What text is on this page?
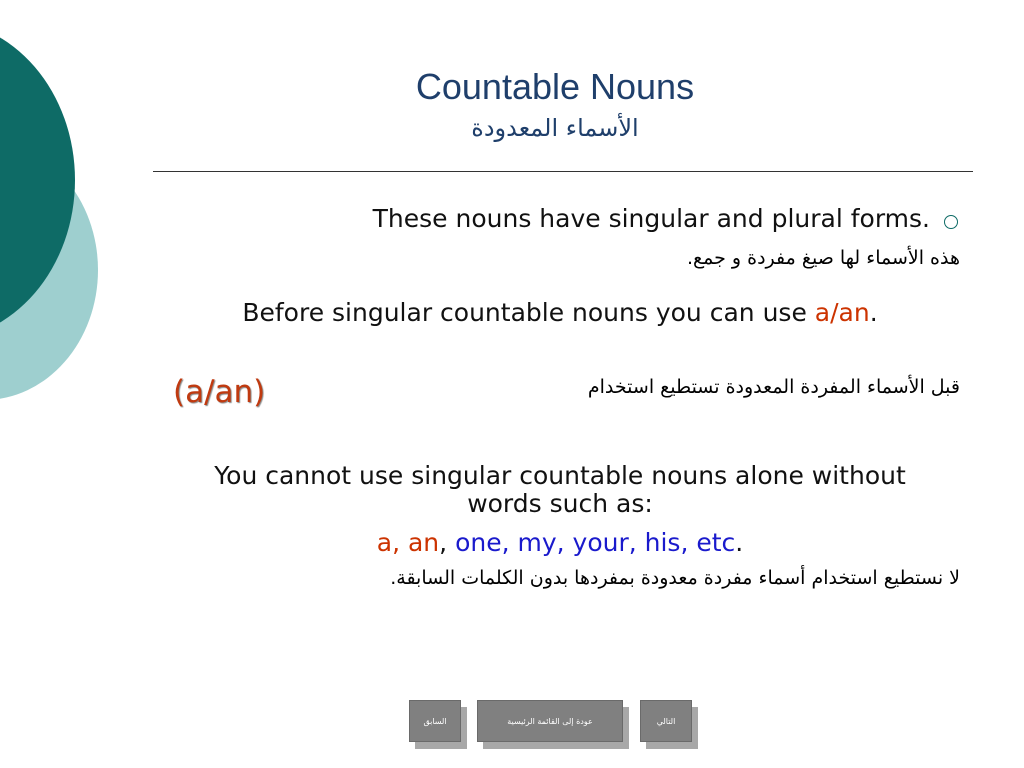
Countable Nouns
الأسماء المعدودة
These nouns have singular and plural forms.
هذه الأسماء لها صيغ مفردة و جمع.
Before singular countable nouns you can use a/an.
قبل الأسماء المفردة المعدودة تستطيع استخدام
(a/an)
You cannot use singular countable nouns alone without words such as:
a, an, one, my, your, his, etc.
لا نستطيع استخدام أسماء مفردة معدودة بمفردها بدون الكلمات السابقة.
السابق	عودة إلى القائمة الرئيسية	التالي
